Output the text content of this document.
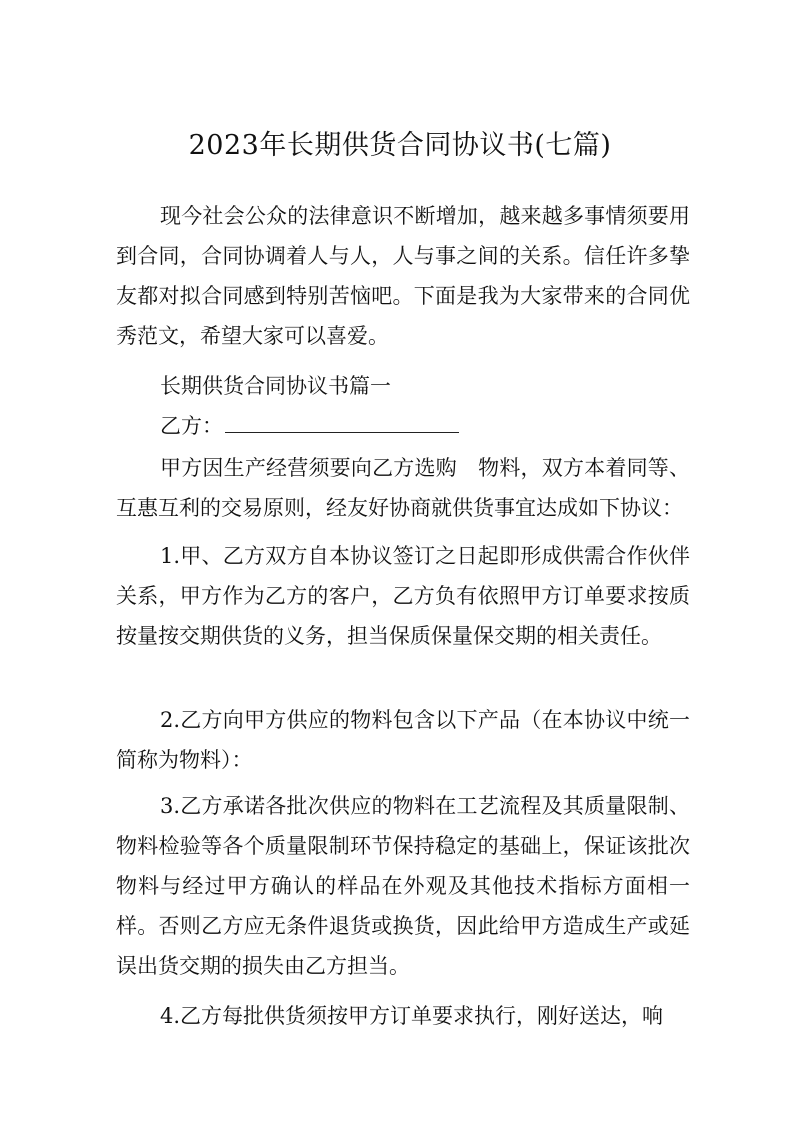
2023年长期供货合同协议书(七篇)

现今社会公众的法律意识不断增加，越来越多事情须要用到合同，合同协调着人与人，人与事之间的关系。信任许多挚友都对拟合同感到特别苦恼吧。下面是我为大家带来的合同优秀范文，希望大家可以喜爱。

长期供货合同协议书篇一
乙方：

甲方因生产经营须要向乙方选购　物料，双方本着同等、互惠互利的交易原则，经友好协商就供货事宜达成如下协议：

1.甲、乙方双方自本协议签订之日起即形成供需合作伙伴关系，甲方作为乙方的客户，乙方负有依照甲方订单要求按质按量按交期供货的义务，担当保质保量保交期的相关责任。

2.乙方向甲方供应的物料包含以下产品（在本协议中统一简称为物料）：

3.乙方承诺各批次供应的物料在工艺流程及其质量限制、物料检验等各个质量限制环节保持稳定的基础上，保证该批次物料与经过甲方确认的样品在外观及其他技术指标方面相一样。否则乙方应无条件退货或换货，因此给甲方造成生产或延误出货交期的损失由乙方担当。

4.乙方每批供货须按甲方订单要求执行，刚好送达，响
